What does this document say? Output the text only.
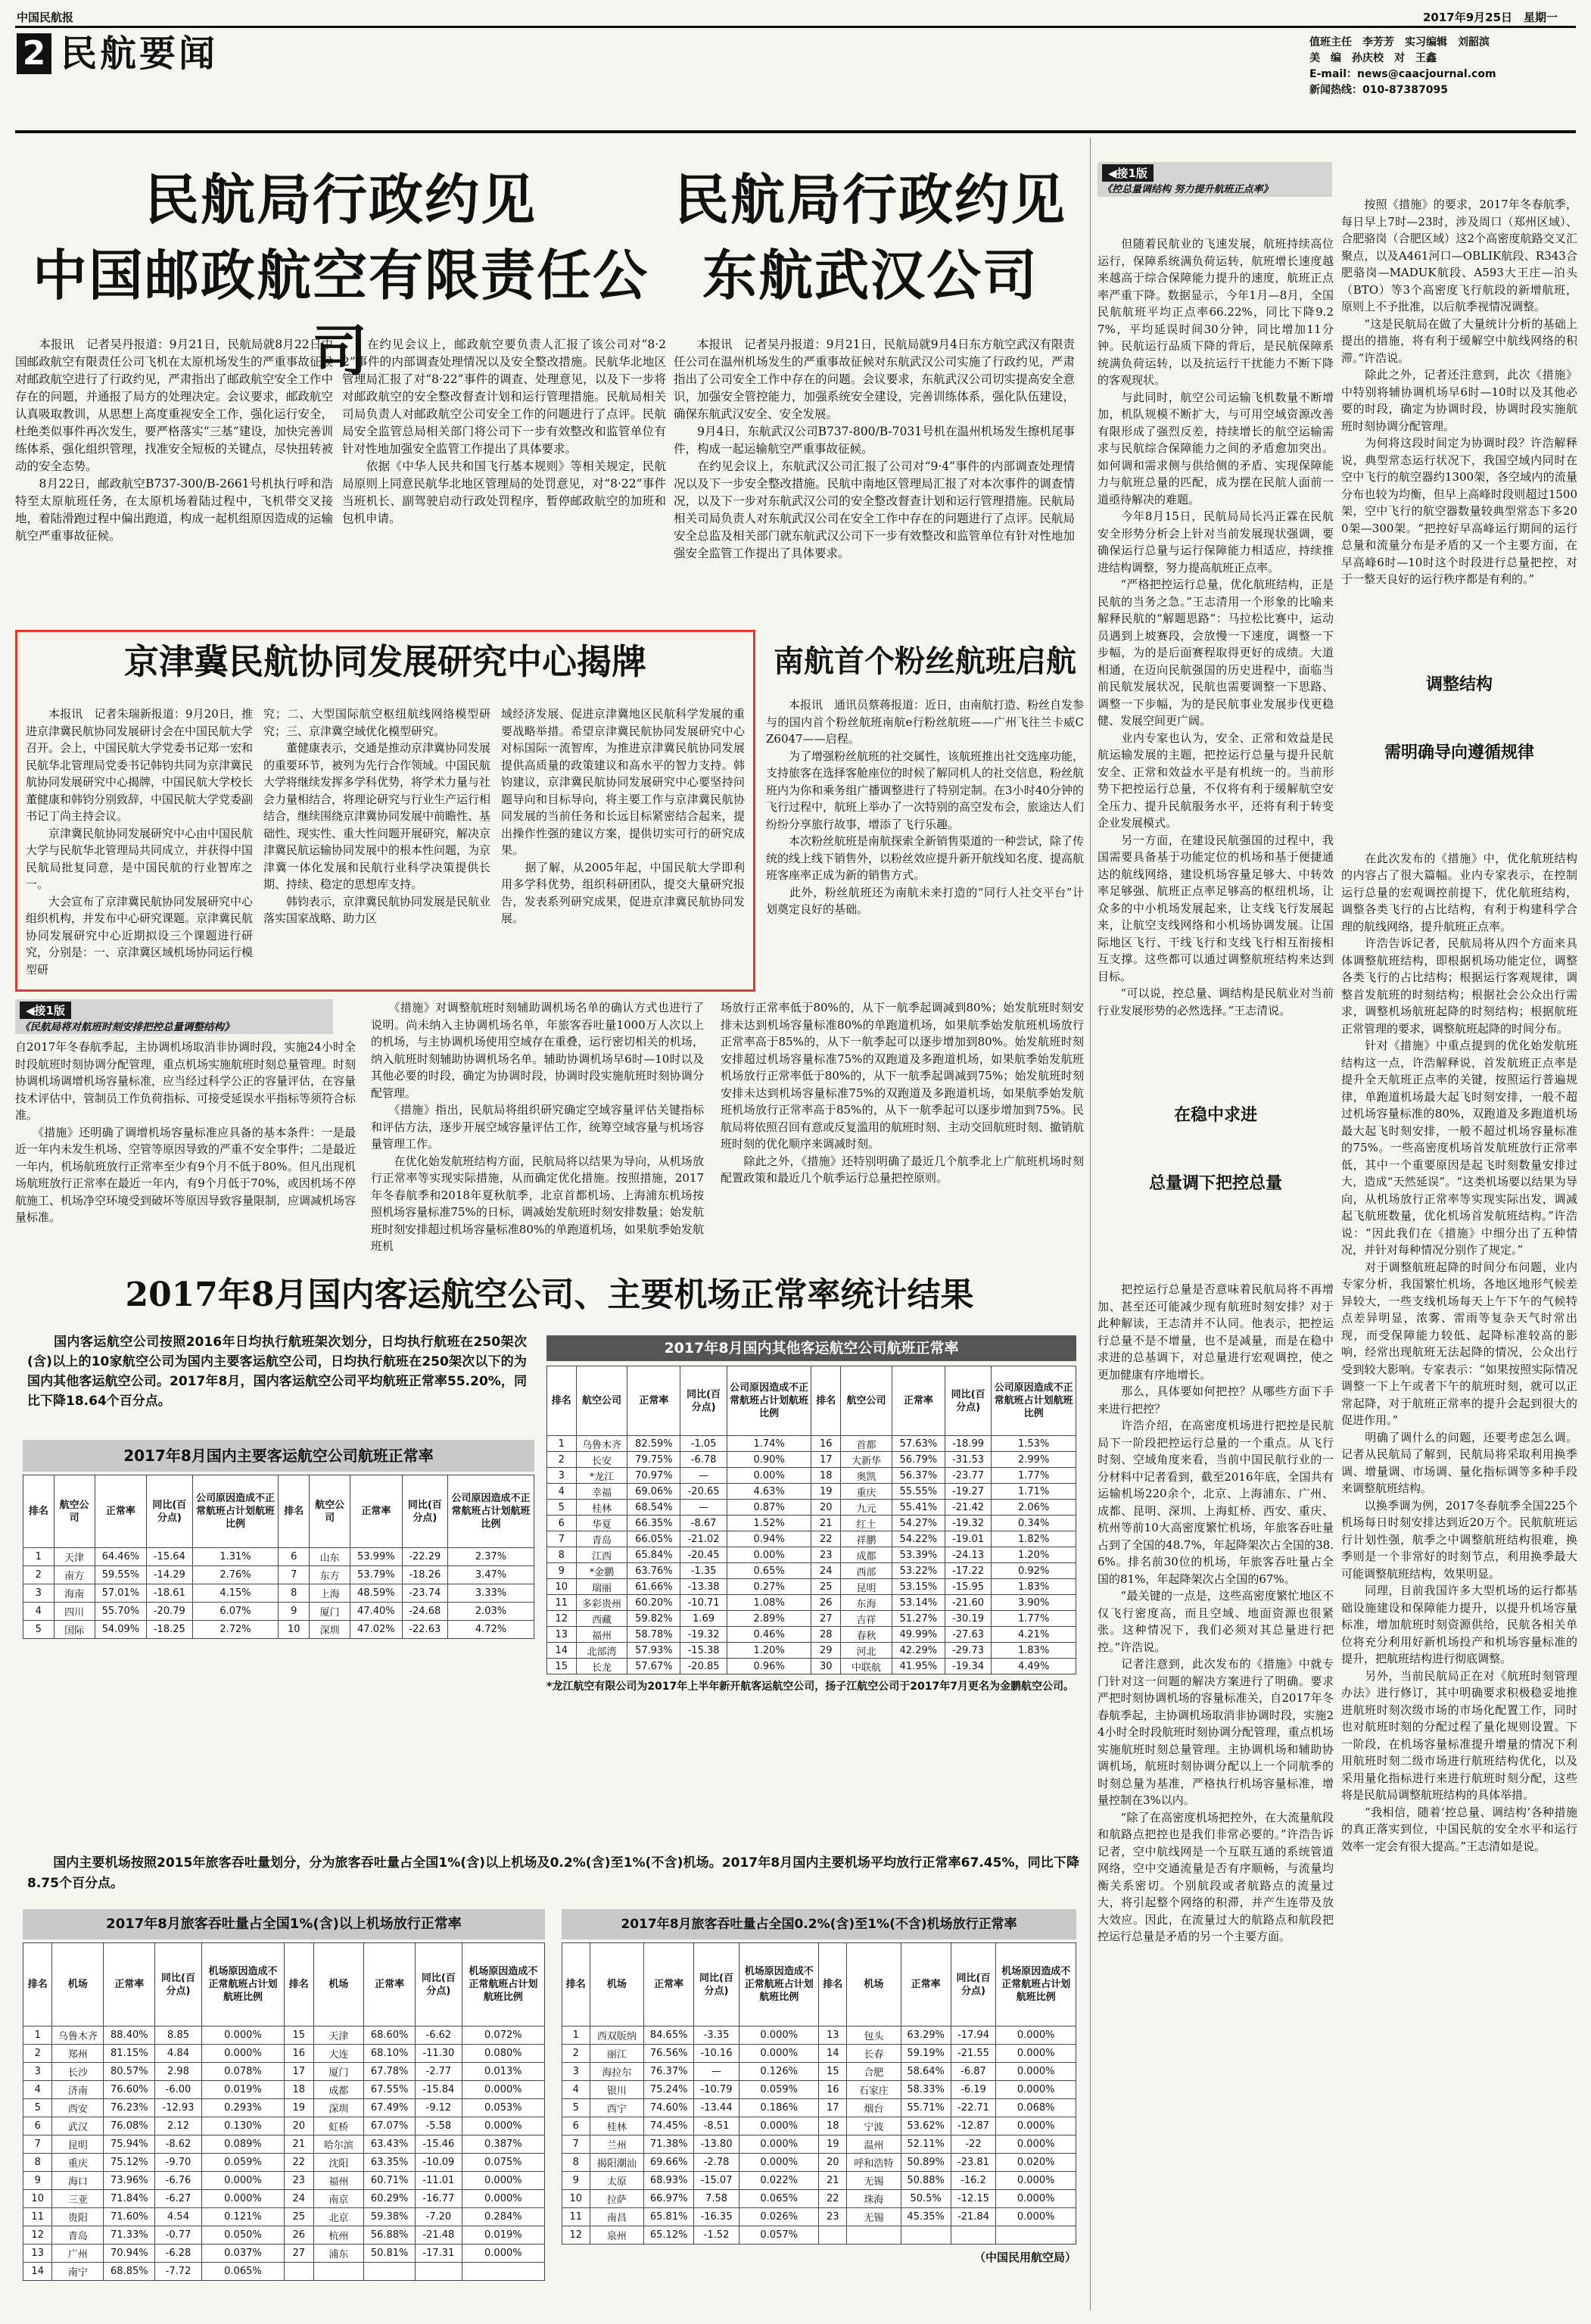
中国民航报
2 民航要闻
2017年9月25日　星期一
值班主任　李芳芳　实习编辑　刘韶滨
美　编　孙庆校　对　王鑫
E-mail：news@caacjournal.com
新闻热线：010-87387095
民航局行政约见
中国邮政航空有限责任公司
　　本报讯　记者吴丹报道：9月21日，民航局就8月22日中国邮政航空有限责任公司飞机在太原机场发生的严重事故征候对邮政航空进行了行政约见，严肃指出了邮政航空安全工作中存在的问题，并通报了局方的处理决定。会议要求，邮政航空认真吸取教训，从思想上高度重视安全工作，强化运行安全，杜绝类似事件再次发生，要严格落实“三基”建设，加快完善训练体系，强化组织管理，找准安全短板的关键点，尽快扭转被动的安全态势。
　　8月22日，邮政航空B737-300/B-2661号机执行呼和浩特至太原航班任务，在太原机场着陆过程中，飞机带交叉接地，着陆滑跑过程中偏出跑道，构成一起机组原因造成的运输航空严重事故征候。
　　在约见会议上，邮政航空要负责人汇报了该公司对“8·22”事件的内部调查处理情况以及安全整改措施。民航华北地区管理局汇报了对“8·22”事件的调查、处理意见，以及下一步将对邮政航空的安全整改督查计划和运行管理措施。民航局相关司局负责人对邮政航空公司安全工作的问题进行了点评。民航局安全监管总局相关部门将公司下一步有效整改和监管单位有针对性地加强安全监管工作提出了具体要求。
　　依据《中华人民共和国飞行基本规则》等相关规定，民航局原则上同意民航华北地区管理局的处罚意见，对“8·22”事件当班机长、副驾驶启动行政处罚程序，暂停邮政航空的加班和包机申请。
民航局行政约见
东航武汉公司
　　本报讯　记者吴丹报道：9月21日，民航局就9月4日东方航空武汉有限责任公司在温州机场发生的严重事故征候对东航武汉公司实施了行政约见，严肃指出了公司安全工作中存在的问题。会议要求，东航武汉公司切实提高安全意识，加强安全管控能力，加强系统安全建设，完善训练体系，强化队伍建设，确保东航武汉安全、安全发展。
　　9月4日，东航武汉公司B737-800/B-7031号机在温州机场发生擦机尾事件，构成一起运输航空严重事故征候。
　　在约见会议上，东航武汉公司汇报了公司对“9·4”事件的内部调查处理情况以及下一步安全整改措施。民航中南地区管理局汇报了对本次事件的调查情况，以及下一步对东航武汉公司的安全整改督查计划和运行管理措施。民航局相关司局负责人对东航武汉公司在安全工作中存在的问题进行了点评。民航局安全总监及相关部门就东航武汉公司下一步有效整改和监管单位有针对性地加强安全监管工作提出了具体要求。
京津冀民航协同发展研究中心揭牌
　　本报讯　记者朱瑞新报道：9月20日，推进京津冀民航协同发展研讨会在中国民航大学召开。会上，中国民航大学党委书记郑一宏和民航华北管理局党委书记韩钧共同为京津冀民航协同发展研究中心揭牌，中国民航大学校长董健康和韩钧分别致辞，中国民航大学党委副书记丁尚主持会议。
　　京津冀民航协同发展研究中心由中国民航大学与民航华北管理局共同成立，并获得中国民航局批复同意，是中国民航的行业智库之一。
　　大会宣布了京津冀民航协同发展研究中心组织机构，并发布中心研究课题。京津冀民航协同发展研究中心近期拟设三个课题进行研究，分别是：一、京津冀区域机场协同运行模型研
究；二、大型国际航空枢纽航线网络模型研究；三、京津冀空域优化模型研究。
　　董健康表示，交通是推动京津冀协同发展的重要环节，被列为先行合作领域。中国民航大学将继续发挥多学科优势，将学术力量与社会力量相结合，将理论研究与行业生产运行相结合，继续围绕京津冀协同发展中前瞻性、基础性、现实性、重大性问题开展研究，解决京津冀民航运输协同发展中的根本性问题，为京津冀一体化发展和民航行业科学决策提供长期、持续、稳定的思想库支持。
　　韩钧表示，京津冀民航协同发展是民航业落实国家战略、助力区
域经济发展、促进京津冀地区民航科学发展的重要战略举措。希望京津冀民航协同发展研究中心对标国际一流智库，为推进京津冀民航协同发展提供高质量的政策建议和高水平的智力支持。韩钧建议，京津冀民航协同发展研究中心要坚持问题导向和目标导向，将主要工作与京津冀民航协同发展的当前任务和长远目标紧密结合起来，提出操作性强的建议方案，提供切实可行的研究成果。
　　据了解，从2005年起，中国民航大学即利用多学科优势，组织科研团队，提交大量研究报告，发表系列研究成果，促进京津冀民航协同发展。
南航首个粉丝航班启航
　　本报讯　通讯员蔡蒋报道：近日，由南航打造、粉丝自发参与的国内首个粉丝航班南航e行粉丝航班——广州飞往兰卡威CZ6047——启程。
　　为了增强粉丝航班的社交属性，该航班推出社交选座功能，支持旅客在选择客舱座位的时候了解同机人的社交信息，粉丝航班内为你和乘务组广播调整进行了特别定制。在3小时40分钟的飞行过程中，航班上举办了一次特别的高空发布会，旅途达人们纷纷分享旅行故事，增添了飞行乐趣。
　　本次粉丝航班是南航探索全新销售渠道的一种尝试，除了传统的线上线下销售外，以粉丝效应提升新开航线知名度、提高航班客座率正成为新的销售方式。
　　此外，粉丝航班还为南航未来打造的“同行人社交平台”计划奠定良好的基础。
◀接1版
《民航局将对航班时刻安排把控总量调整结构》
自2017年冬春航季起，主协调机场取消非协调时段，实施24小时全时段航班时刻协调分配管理，重点机场实施航班时刻总量管理。时刻协调机场调增机场容量标准，应当经过科学公正的容量评估，在容量技术评估中，管制员工作负荷指标、可接受延误水平指标等须符合标准。
　　《措施》还明确了调增机场容量标准应具备的基本条件：一是最近一年内未发生机场、空管等原因导致的严重不安全事件；二是最近一年内，机场航班放行正常率至少有9个月不低于80%。但凡出现机场航班放行正常率在最近一年内，有9个月低于70%，或因机场不停航施工、机场净空环境受到破坏等原因导致容量限制，应调减机场容量标准。
　　《措施》对调整航班时刻辅助调机场名单的确认方式也进行了说明。尚未纳入主协调机场名单，年旅客吞吐量1000万人次以上的机场，与主协调机场使用空域存在重叠，运行密切相关的机场，纳入航班时刻辅助协调机场名单。辅助协调机场早6时—10时以及其他必要的时段，确定为协调时段，协调时段实施航班时刻协调分配管理。
　　《措施》指出，民航局将组织研究确定空域容量评估关键指标和评估方法，逐步开展空域容量评估工作，统筹空域容量与机场容量管理工作。
　　在优化始发航班结构方面，民航局将以结果为导向，从机场放行正常率等实现实际措施，从而确定优化措施。按照措施，2017年冬春航季和2018年夏秋航季，北京首都机场、上海浦东机场按照机场容量标准75%的日标，调减始发航班时刻安排数量；始发航班时刻安排超过机场容量标准80%的单跑道机场，如果航季始发航班机
场放行正常率低于80%的，从下一航季起调减到80%；始发航班时刻安排未达到机场容量标准80%的单跑道机场，如果航季始发航班机场放行正常率高于85%的，从下一航季起可以逐步增加到80%。始发航班时刻安排超过机场容量标准75%的双跑道及多跑道机场，如果航季始发航班机场放行正常率低于80%的，从下一航季起调减到75%；始发航班时刻安排未达到机场容量标准75%的双跑道及多跑道机场，如果航季始发航班机场放行正常率高于85%的，从下一航季起可以逐步增加到75%。民航局将依照召回有意或反复滥用的航班时刻、主动交回航班时刻、撤销航班时刻的优化顺序来调减时刻。
　　除此之外，《措施》还特别明确了最近几个航季北上广航班机场时刻配置政策和最近几个航季运行总量把控原则。
2017年8月国内客运航空公司、主要机场正常率统计结果
　　国内客运航空公司按照2016年日均执行航班架次划分，日均执行航班在250架次(含)以上的10家航空公司为国内主要客运航空公司，日均执行航班在250架次以下的为国内其他客运航空公司。2017年8月，国内客运航空公司平均航班正常率55.20%，同比下降18.64个百分点。
2017年8月国内主要客运航空公司航班正常率
排名	航空公司	正常率	同比(百分点)	公司原因造成不正常航班占计划航班比例	排名	航空公司	正常率	同比(百分点)	公司原因造成不正常航班占计划航班比例
1	天津	64.46%	-15.64	1.31%	6	山东	53.99%	-22.29	2.37%
2	南方	59.55%	-14.29	2.76%	7	东方	53.79%	-18.26	3.47%
3	海南	57.01%	-18.61	4.15%	8	上海	48.59%	-23.74	3.33%
4	四川	55.70%	-20.79	6.07%	9	厦门	47.40%	-24.68	2.03%
5	国际	54.09%	-18.25	2.72%	10	深圳	47.02%	-22.63	4.72%
2017年8月国内其他客运航空公司航班正常率
排名	航空公司	正常率	同比(百分点)	公司原因造成不正常航班占计划航班比例	排名	航空公司	正常率	同比(百分点)	公司原因造成不正常航班占计划航班比例
1	乌鲁木齐	82.59%	-1.05	1.74%	16	首都	57.63%	-18.99	1.53%
2	长安	79.75%	-6.78	0.90%	17	大新华	56.79%	-31.53	2.99%
3	*龙江	70.97%	—	0.00%	18	奥凯	56.37%	-23.77	1.77%
4	幸福	69.06%	-20.65	4.63%	19	重庆	55.55%	-19.27	1.71%
5	桂林	68.54%	—	0.87%	20	九元	55.41%	-21.42	2.06%
6	华夏	66.35%	-8.67	1.52%	21	红土	54.27%	-19.32	0.34%
7	青岛	66.05%	-21.02	0.94%	22	祥鹏	54.22%	-19.01	1.82%
8	江西	65.84%	-20.45	0.00%	23	成都	53.39%	-24.13	1.20%
9	*金鹏	63.76%	-1.35	0.65%	24	西部	53.22%	-17.22	0.92%
10	瑞丽	61.66%	-13.38	0.27%	25	昆明	53.15%	-15.95	1.83%
11	多彩贵州	60.20%	-10.71	1.08%	26	东海	53.14%	-21.60	3.90%
12	西藏	59.82%	1.69	2.89%	27	吉祥	51.27%	-30.19	1.77%
13	福州	58.78%	-19.32	0.46%	28	春秋	49.99%	-27.63	4.21%
14	北部湾	57.93%	-15.38	1.20%	29	河北	42.29%	-29.73	1.83%
15	长龙	57.67%	-20.85	0.96%	30	中联航	41.95%	-19.34	4.49%
*龙江航空有限公司为2017年上半年新开航客运航空公司，扬子江航空公司于2017年7月更名为金鹏航空公司。
　　国内主要机场按照2015年旅客吞吐量划分，分为旅客吞吐量占全国1%(含)以上机场及0.2%(含)至1%(不含)机场。2017年8月国内主要机场平均放行正常率67.45%，同比下降8.75个百分点。
2017年8月旅客吞吐量占全国1%(含)以上机场放行正常率
排名	机场	正常率	同比(百分点)	机场原因造成不正常航班占计划航班比例	排名	机场	正常率	同比(百分点)	机场原因造成不正常航班占计划航班比例
1	乌鲁木齐	88.40%	8.85	0.000%	15	天津	68.60%	-6.62	0.072%
2	郑州	81.15%	4.84	0.000%	16	大连	68.10%	-11.30	0.080%
3	长沙	80.57%	2.98	0.078%	17	厦门	67.78%	-2.77	0.013%
4	济南	76.60%	-6.00	0.019%	18	成都	67.55%	-15.84	0.000%
5	西安	76.23%	-12.93	0.293%	19	深圳	67.49%	-9.12	0.053%
6	武汉	76.08%	2.12	0.130%	20	虹桥	67.07%	-5.58	0.000%
7	昆明	75.94%	-8.62	0.089%	21	哈尔滨	63.43%	-15.46	0.387%
8	重庆	75.12%	-9.70	0.059%	22	沈阳	63.35%	-10.09	0.075%
9	海口	73.96%	-6.76	0.000%	23	福州	60.71%	-11.01	0.000%
10	三亚	71.84%	-6.27	0.000%	24	南京	60.29%	-16.77	0.000%
11	贵阳	71.60%	4.54	0.121%	25	北京	59.38%	-7.20	0.284%
12	青岛	71.33%	-0.77	0.050%	26	杭州	56.88%	-21.48	0.019%
13	广州	70.94%	-6.28	0.037%	27	浦东	50.81%	-17.31	0.000%
14	南宁	68.85%	-7.72	0.065%					
2017年8月旅客吞吐量占全国0.2%(含)至1%(不含)机场放行正常率
排名	机场	正常率	同比(百分点)	机场原因造成不正常航班占计划航班比例	排名	机场	正常率	同比(百分点)	机场原因造成不正常航班占计划航班比例
1	西双版纳	84.65%	-3.35	0.000%	13	包头	63.29%	-17.94	0.000%
2	丽江	76.56%	-10.16	0.000%	14	长春	59.19%	-21.55	0.000%
3	海拉尔	76.37%	—	0.126%	15	合肥	58.64%	-6.87	0.000%
4	银川	75.24%	-10.79	0.059%	16	石家庄	58.33%	-6.19	0.000%
5	西宁	74.60%	-13.44	0.186%	17	烟台	55.71%	-22.71	0.068%
6	桂林	74.45%	-8.51	0.000%	18	宁波	53.62%	-12.87	0.000%
7	兰州	71.38%	-13.80	0.000%	19	温州	52.11%	-22	0.000%
8	揭阳潮汕	69.66%	-2.78	0.000%	20	呼和浩特	50.89%	-23.81	0.020%
9	太原	68.93%	-15.07	0.022%	21	无锡	50.88%	-16.2	0.000%
10	拉萨	66.97%	7.58	0.065%	22	珠海	50.5%	-12.15	0.000%
11	南昌	65.81%	-16.35	0.026%	23	无锡	45.35%	-21.84	0.000%
12	泉州	65.12%	-1.52	0.057%					
（中国民用航空局）
◀接1版
《控总量调结构 努力提升航班正点率》

　　但随着民航业的飞速发展，航班持续高位运行，保障系统满负荷运转，航班增长速度越来越高于综合保障能力提升的速度，航班正点率严重下降。数据显示，今年1月—8月，全国民航航班平均正点率66.22%，同比下降9.27%，平均延误时间30分钟，同比增加11分钟。民航运行品质下降的背后，是民航保障系统满负荷运转，以及抗运行干扰能力不断下降的客观现状。
　　与此同时，航空公司运输飞机数量不断增加，机队规模不断扩大，与可用空域资源改善有限形成了强烈反差，持续增长的航空运输需求与民航综合保障能力之间的矛盾愈加突出。如何调和需求侧与供给侧的矛盾、实现保障能力与航班总量的匹配，成为摆在民航人面前一道亟待解决的难题。
　　今年8月15日，民航局局长冯正霖在民航安全形势分析会上针对当前发展现状强调，要确保运行总量与运行保障能力相适应，持续推进结构调整，努力提高航班正点率。
　　“严格把控运行总量，优化航班结构，正是民航的当务之急。”王志清用一个形象的比喻来解释民航的“解题思路”：马拉松比赛中，运动员遇到上坡赛段，会放慢一下速度，调整一下步幅，为的是后面赛程取得更好的成绩。大道相通，在迈向民航强国的历史进程中，面临当前民航发展状况，民航也需要调整一下思路、调整一下步幅，为的是民航事业发展步伐更稳健、发展空间更广阔。
　　业内专家也认为，安全、正常和效益是民航运输发展的主题，把控运行总量与提升民航安全、正常和效益水平是有机统一的。当前形势下把控运行总量，不仅将有利于缓解航空安全压力、提升民航服务水平，还将有利于转变企业发展模式。
　　另一方面，在建设民航强国的过程中，我国需要具备基于功能定位的机场和基于便捷通达的航线网络，建设机场容量足够大、中转效率足够强、航班正点率足够高的枢纽机场，让众多的中小机场发展起来，让支线飞行发展起来，让航空支线网络和小机场协调发展。让国际地区飞行、干线飞行和支线飞行相互衔接相互支撑。这些都可以通过调整航班结构来达到目标。
　　“可以说，控总量、调结构是民航业对当前行业发展形势的必然选择。”王志清说。

在稳中求进

总量调下把控总量

　　把控运行总量是否意味着民航局将不再增加、甚至还可能减少现有航班时刻安排？对于此种解读，王志清并不认同。他表示，把控运行总量不是不增量，也不是减量，而是在稳中求进的总基调下，对总量进行宏观调控，使之更加健康有序地增长。
　　那么，具体要如何把控？从哪些方面下手来进行把控？
　　许浩介绍，在高密度机场进行把控是民航局下一阶段把控运行总量的一个重点。从飞行时刻、空域角度来看，当前中国民航行业的一分材料中记者看到，截至2016年底，全国共有运输机场220余个，北京、上海浦东、广州、成都、昆明、深圳、上海虹桥、西安、重庆、杭州等前10大高密度繁忙机场，年旅客吞吐量占到了全国的48.7%，年起降架次占全国的38.6%。排名前30位的机场，年旅客吞吐量占全国的81%，年起降架次占全国的67%。
　　“最关键的一点是，这些高密度繁忙地区不仅飞行密度高，而且空域、地面资源也很紧张。这种情况下，我们必须对其总量进行把控。”许浩说。
　　记者注意到，此次发布的《措施》中就专门针对这一问题的解决方案进行了明确。要求严把时刻协调机场的容量标准关，自2017年冬春航季起，主协调机场取消非协调时段，实施24小时全时段航班时刻协调分配管理，重点机场实施航班时刻总量管理。主协调机场和辅助协调机场，航班时刻协调分配以上一个同航季的时刻总量为基准，严格执行机场容量标准，增量控制在3%以内。
　　“除了在高密度机场把控外，在大流量航段和航路点把控也是我们非常必要的。”许浩告诉记者，空中航线网是一个互联互通的系统管道网络，空中交通流量是否有序顺畅，与流量均衡关系密切。个别航段或者航路点的流量过大，将引起整个网络的积滞，并产生连带及放大效应。因此，在流量过大的航路点和航段把控运行总量是矛盾的另一个主要方面。

　　按照《措施》的要求，2017年冬春航季，每日早上7时—23时，涉及周口（郑州区域）、合肥骆岗（合肥区域）这2个高密度航路交叉汇聚点，以及A461河口—OBLIK航段、R343合肥骆岗—MADUK航段、A593大王庄—泊头（BTO）等3个高密度飞行航段的新增航班，原则上不予批准，以后航季视情况调整。
　　“这是民航局在做了大量统计分析的基础上提出的措施，将有利于缓解空中航线网络的积滞。”许浩说。
　　除此之外，记者还注意到，此次《措施》中特别将辅协调机场早6时—10时以及其他必要的时段，确定为协调时段，协调时段实施航班时刻协调分配管理。
　　为何将这段时间定为协调时段？许浩解释说，典型常态运行状况下，我国空域内同时在空中飞行的航空器约1300架，各空域内的流量分布也较为均衡，但早上高峰时段则超过1500架，空中飞行的航空器数量较典型常态下多200架—300架。“把控好早高峰运行期间的运行总量和流量分布是矛盾的又一个主要方面，在早高峰6时—10时这个时段进行总量把控，对于一整天良好的运行秩序都是有利的。”

调整结构

需明确导向遵循规律

　　在此次发布的《措施》中，优化航班结构的内容占了很大篇幅。业内专家表示，在控制运行总量的宏观调控前提下，优化航班结构，调整各类飞行的占比结构，有利于构建科学合理的航线网络，提升航班正点率。
　　许浩告诉记者，民航局将从四个方面来具体调整航班结构，即根据机场功能定位，调整各类飞行的占比结构；根据运行客观规律，调整首发航班的时刻结构；根据社会公众出行需求，调整机场航班起降的时刻结构；根据航班正常管理的要求，调整航班起降的时间分布。
　　针对《措施》中重点提到的优化始发航班结构这一点，许浩解释说，首发航班正点率是提升全天航班正点率的关键，按照运行普遍规律，单跑道机场最大起飞时刻安排，一般不超过机场容量标准的80%，双跑道及多跑道机场最大起飞时刻安排，一般不超过机场容量标准的75%。一些高密度机场首发航班放行正常率低，其中一个重要原因是起飞时刻数量安排过大，造成“天然延误”。“这类机场要以结果为导向，从机场放行正常率等实现实际出发，调减起飞航班数量，优化机场首发航班结构。”许浩说：“因此我们在《措施》中细分出了五种情况，并针对每种情况分别作了规定。”
　　对于调整航班起降的时间分布问题，业内专家分析，我国繁忙机场，各地区地形气候差异较大，一些支线机场每天上午下午的气候特点差异明显，浓雾、雷雨等复杂天气时常出现，而受保障能力较低、起降标准较高的影响，经常出现航班无法起降的情况，公众出行受到较大影响。专家表示：“如果按照实际情况调整一下上午或者下午的航班时刻，就可以正常起降，对于航班正常率的提升会起到很大的促进作用。”
　　明确了调什么的问题，还要考虑怎么调。记者从民航局了解到，民航局将采取利用换季调、增量调、市场调、量化指标调等多种手段来调整航班结构。
　　以换季调为例，2017冬春航季全国225个机场每日时刻安排达到近20万个。民航航班运行计划性强，航季之中调整航班结构很难，换季则是一个非常好的时刻节点，利用换季最大可能调整航班结构，效果明显。
　　同理，目前我国许多大型机场的运行都基础设施建设和保障能力提升，以提升机场容量标准，增加航班时刻资源供给，民航各相关单位将充分利用好新机场投产和机场容量标准的提升，把航班结构进行彻底调整。
　　另外，当前民航局正在对《航班时刻管理办法》进行修订，其中明确要求积极稳妥地推进航班时刻次级市场的市场化配置工作，同时也对航班时刻的分配过程了量化规则设置。下一阶段，在机场容量标准提升增量的情况下利用航班时刻二级市场进行航班结构优化，以及采用量化指标进行来进行航班时刻分配，这些将是民航局调整航班结构的具体举措。
　　“我相信，随着‘控总量、调结构’各种措施的真正落实到位，中国民航的安全水平和运行效率一定会有很大提高。”王志清如是说。
